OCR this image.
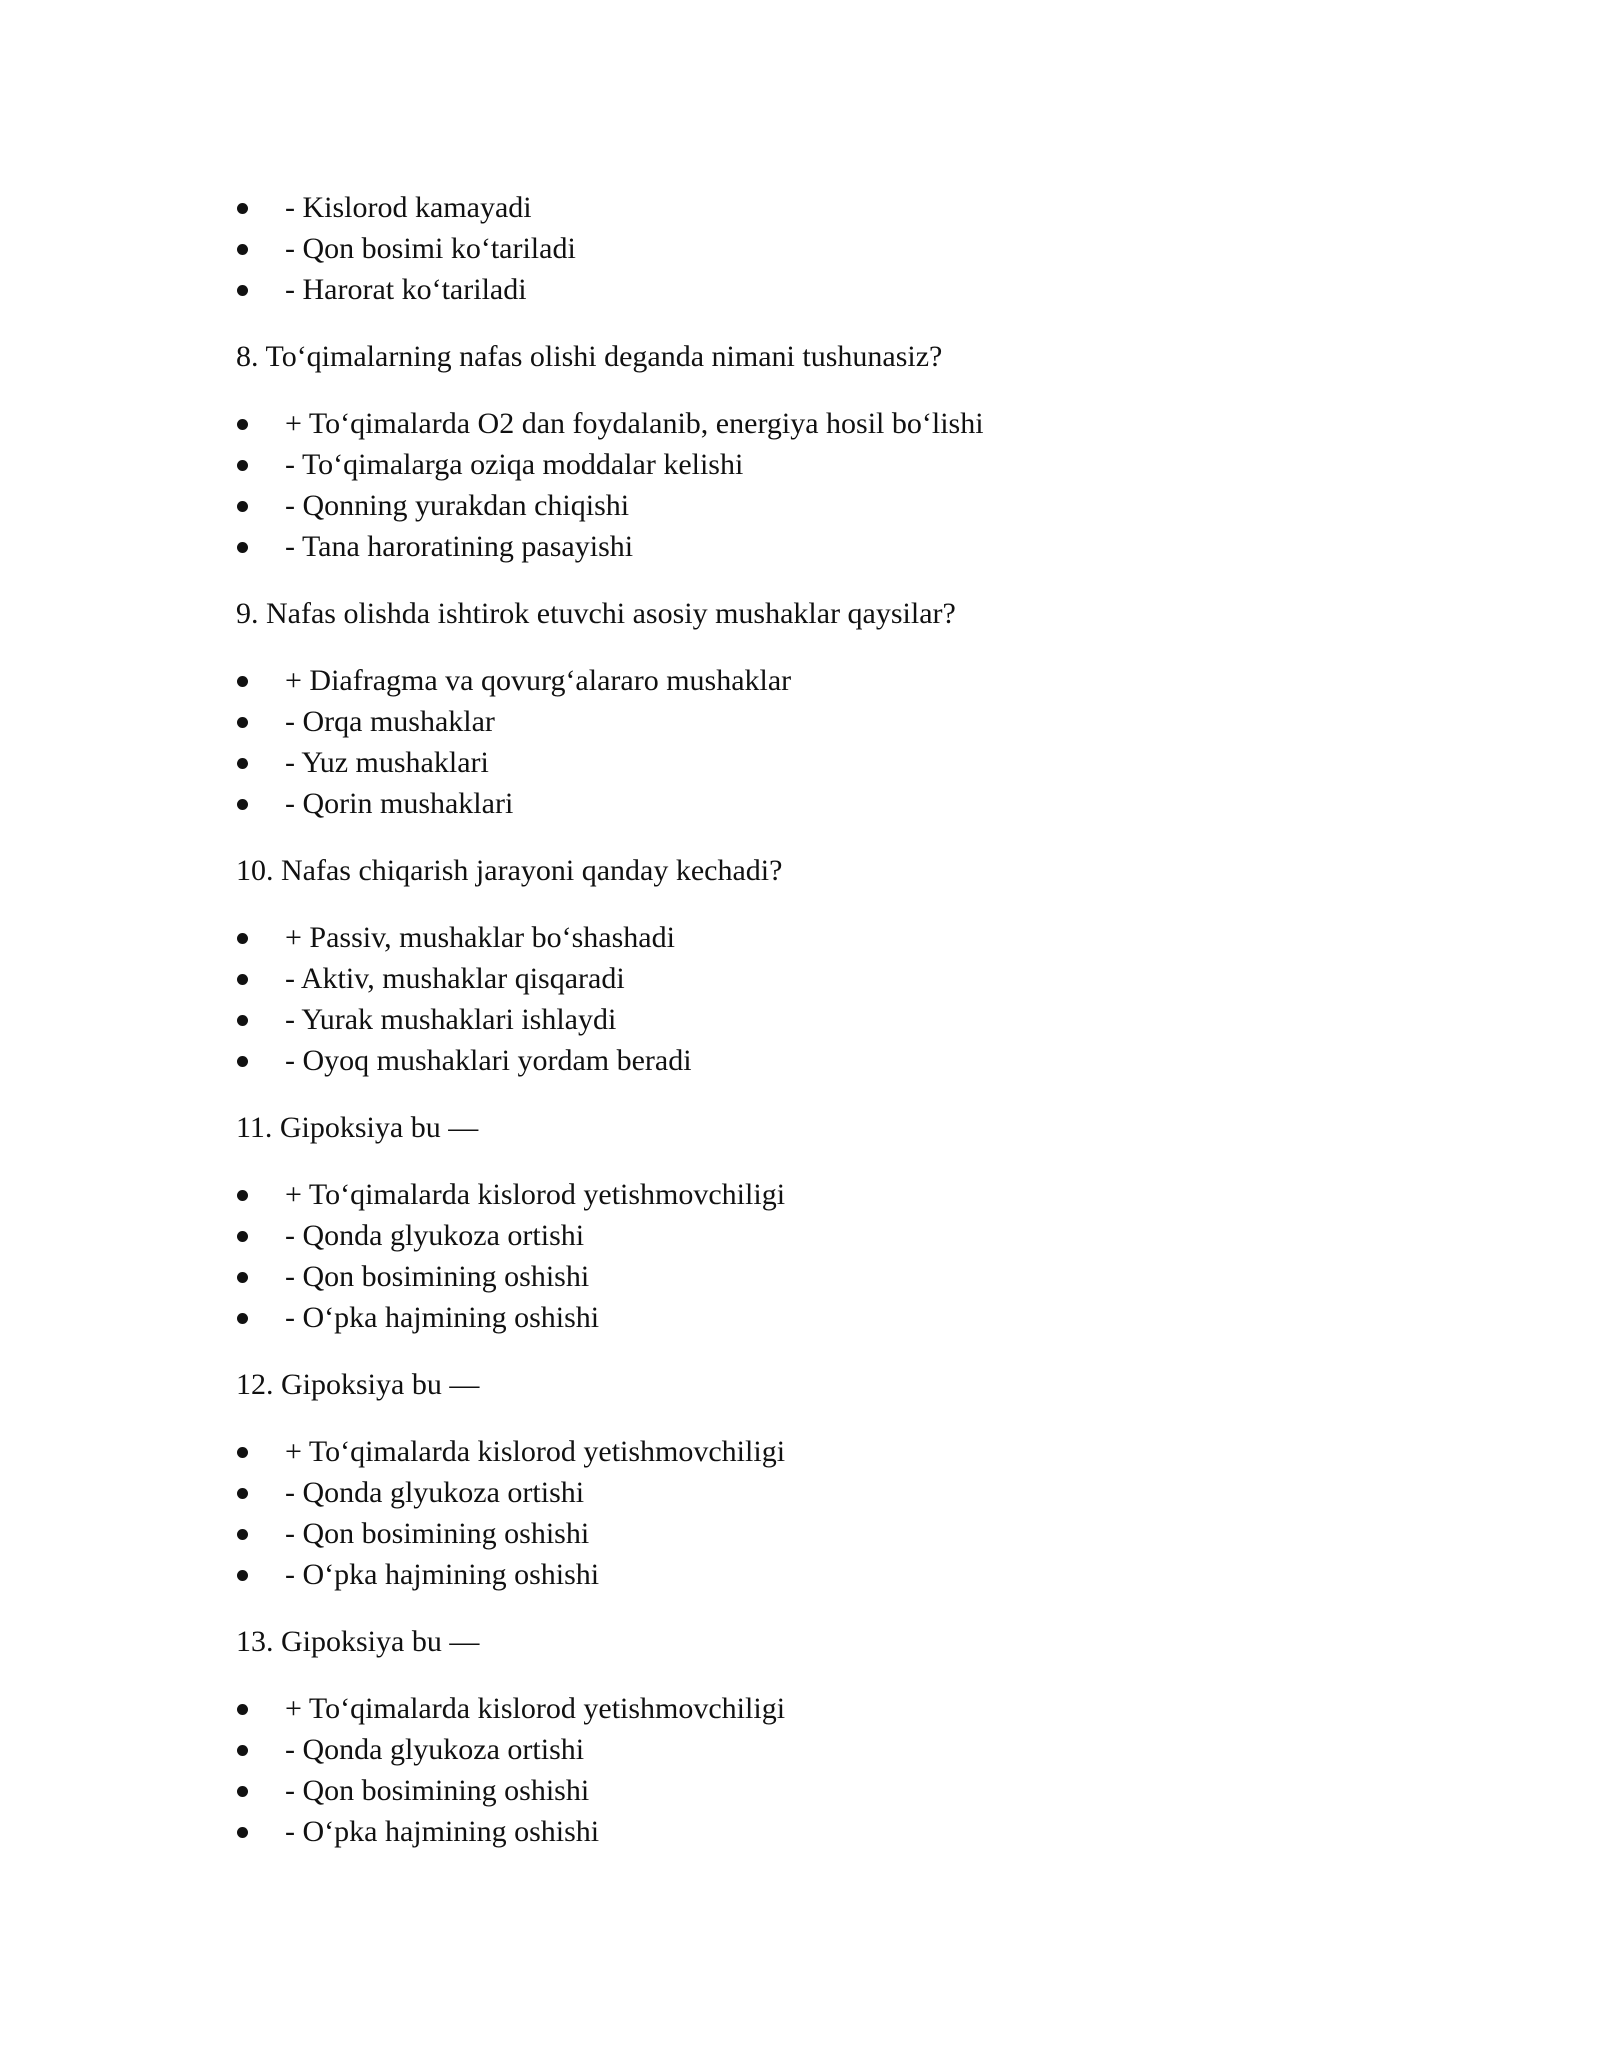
- Kislorod kamayadi
- Qon bosimi ko‘tariladi
- Harorat ko‘tariladi
8. To‘qimalarning nafas olishi deganda nimani tushunasiz?
+ To‘qimalarda O2 dan foydalanib, energiya hosil bo‘lishi
- To‘qimalarga oziqa moddalar kelishi
- Qonning yurakdan chiqishi
- Tana haroratining pasayishi
9. Nafas olishda ishtirok etuvchi asosiy mushaklar qaysilar?
+ Diafragma va qovurg‘alararo mushaklar
- Orqa mushaklar
- Yuz mushaklari
- Qorin mushaklari
10. Nafas chiqarish jarayoni qanday kechadi?
+ Passiv, mushaklar bo‘shashadi
- Aktiv, mushaklar qisqaradi
- Yurak mushaklari ishlaydi
- Oyoq mushaklari yordam beradi
11. Gipoksiya bu —
+ To‘qimalarda kislorod yetishmovchiligi
- Qonda glyukoza ortishi
- Qon bosimining oshishi
- O‘pka hajmining oshishi
12. Gipoksiya bu —
+ To‘qimalarda kislorod yetishmovchiligi
- Qonda glyukoza ortishi
- Qon bosimining oshishi
- O‘pka hajmining oshishi
13. Gipoksiya bu —
+ To‘qimalarda kislorod yetishmovchiligi
- Qonda glyukoza ortishi
- Qon bosimining oshishi
- O‘pka hajmining oshishi
